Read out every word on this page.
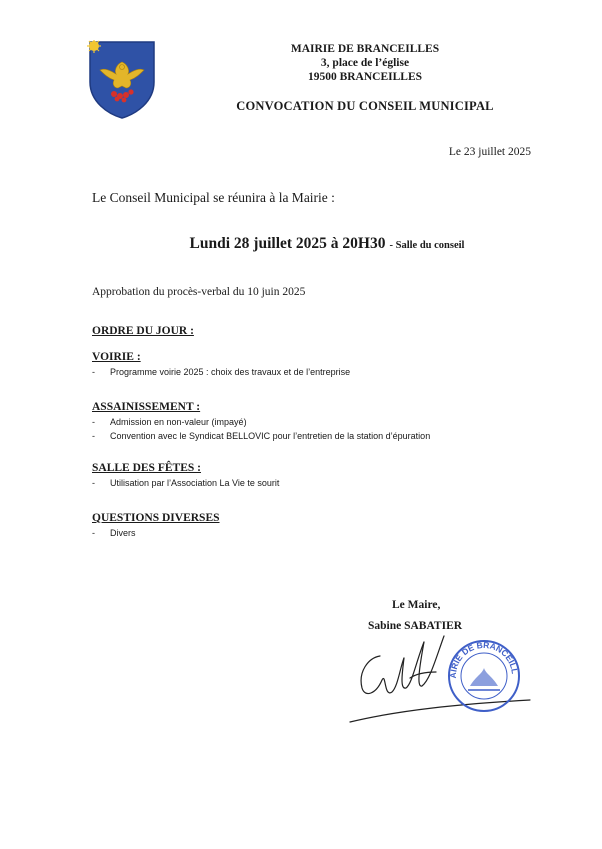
MAIRIE DE BRANCEILLES
3, place de l’église
19500 BRANCEILLES
CONVOCATION DU CONSEIL MUNICIPAL
Le 23 juillet 2025
Le Conseil Municipal se réunira à la Mairie :
Lundi 28 juillet 2025 à 20H30 - Salle du conseil
Approbation du procès-verbal du 10 juin 2025
ORDRE DU JOUR :
VOIRIE :
- Programme voirie 2025 : choix des travaux et de l’entreprise
ASSAINISSEMENT :
- Admission en non-valeur (impayé)
- Convention avec le Syndicat BELLOVIC pour l’entretien de la station d’épuration
SALLE DES FÊTES :
- Utilisation par l’Association La Vie te sourit
QUESTIONS DIVERSES
- Divers
Le Maire,
Sabine SABATIER
AIRIE DE BRANCEILL
